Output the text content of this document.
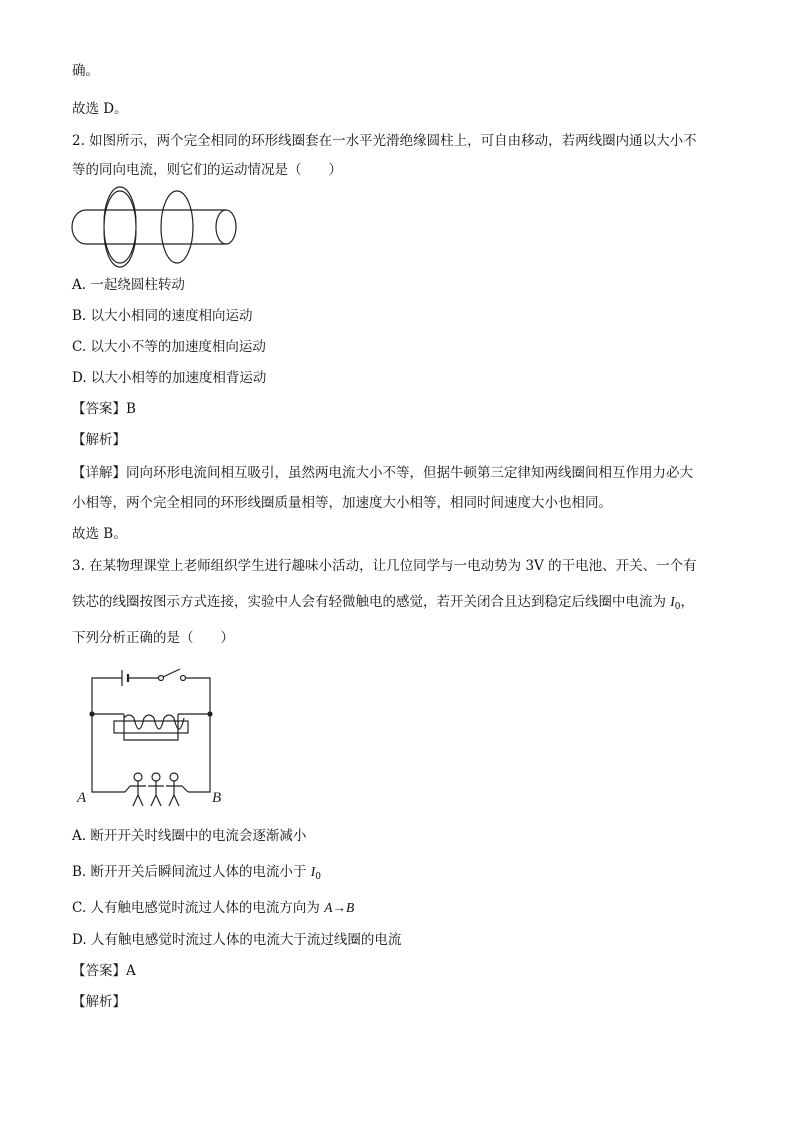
确。
故选 D。
2. 如图所示，两个完全相同的环形线圈套在一水平光滑绝缘圆柱上，可自由移动，若两线圈内通以大小不
等的同向电流，则它们的运动情况是（　　）
A. 一起绕圆柱转动
B. 以大小相同的速度相向运动
C. 以大小不等的加速度相向运动
D. 以大小相等的加速度相背运动
【答案】B
【解析】
【详解】同向环形电流间相互吸引，虽然两电流大小不等，但据牛顿第三定律知两线圈间相互作用力必大
小相等，两个完全相同的环形线圈质量相等，加速度大小相等，相同时间速度大小也相同。
故选 B。
3. 在某物理课堂上老师组织学生进行趣味小活动，让几位同学与一电动势为 3V 的干电池、开关、一个有
铁芯的线圈按图示方式连接，实验中人会有轻微触电的感觉，若开关闭合且达到稳定后线圈中电流为 $I_0$，
下列分析正确的是（　　）
A	B
A. 断开开关时线圈中的电流会逐渐减小
B. 断开开关后瞬间流过人体的电流小于 $I_0$
C. 人有触电感觉时流过人体的电流方向为 A→B
D. 人有触电感觉时流过人体的电流大于流过线圈的电流
【答案】A
【解析】
